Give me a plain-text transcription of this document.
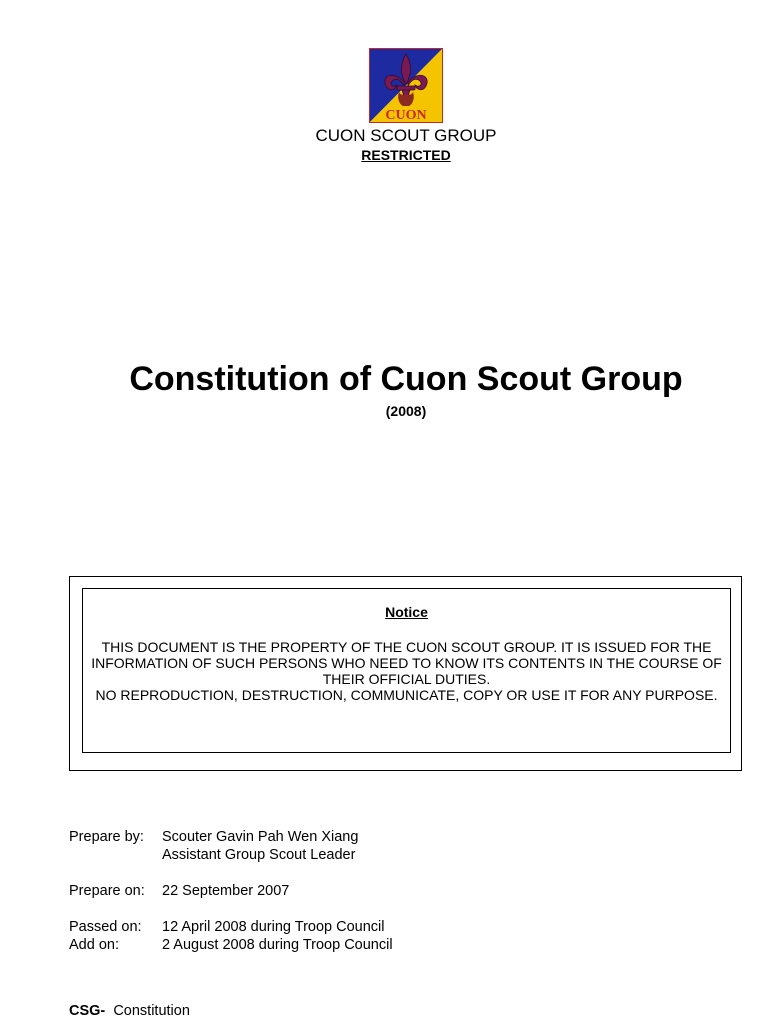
CUON
CUON SCOUT GROUP
RESTRICTED
Constitution of Cuon Scout Group
(2008)
Notice

THIS DOCUMENT IS THE PROPERTY OF THE CUON SCOUT GROUP. IT IS ISSUED FOR THE INFORMATION OF SUCH PERSONS WHO NEED TO KNOW ITS CONTENTS IN THE COURSE OF THEIR OFFICIAL DUTIES.

NO REPRODUCTION, DESTRUCTION, COMMUNICATE, COPY OR USE IT FOR ANY PURPOSE.

Prepare by: Scouter Gavin Pah Wen Xiang
Assistant Group Scout Leader
Prepare on: 22 September 2007
Passed on: 12 April 2008 during Troop Council
Add on:	2 August 2008 during Troop Council
CSG- Constitution
